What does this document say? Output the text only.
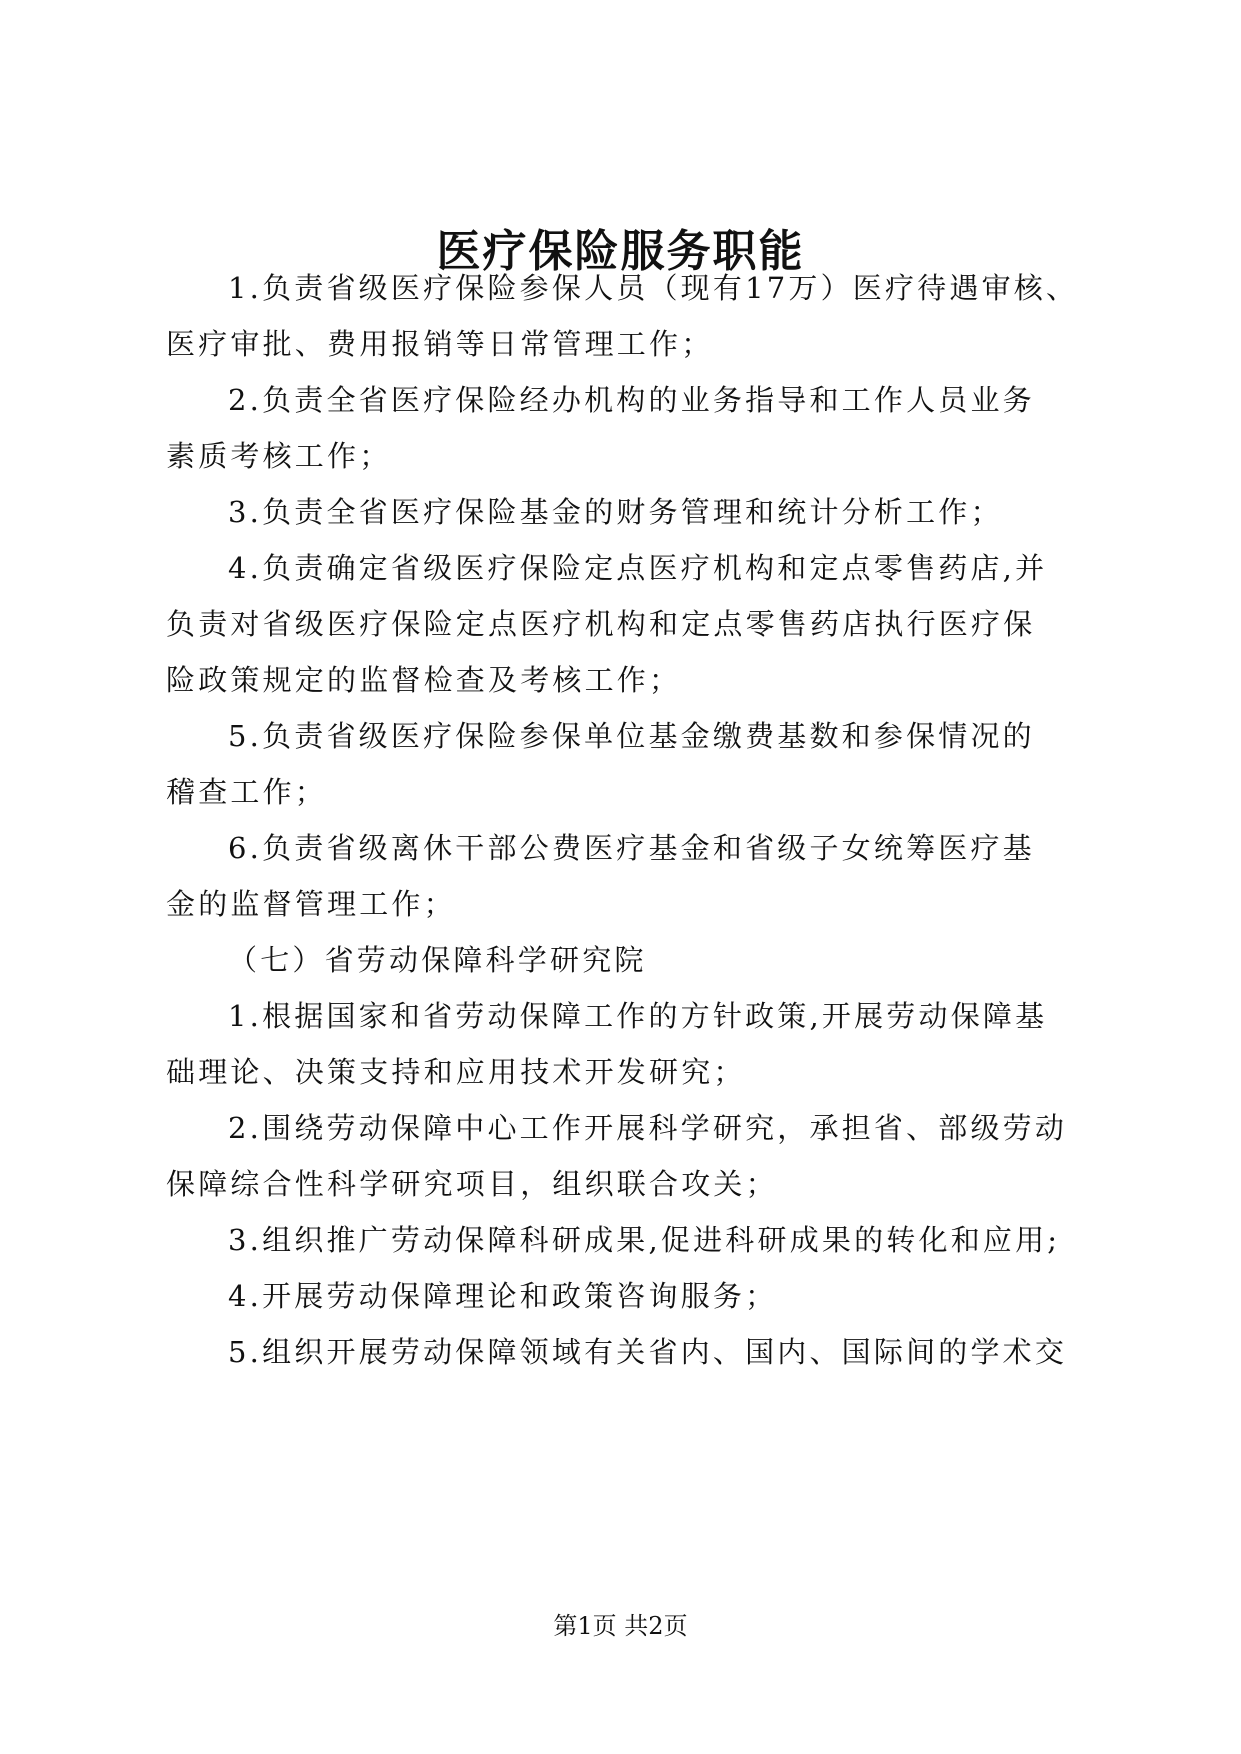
医疗保险服务职能
1.负责省级医疗保险参保人员（现有17万）医疗待遇审核、
医疗审批、费用报销等日常管理工作；
2.负责全省医疗保险经办机构的业务指导和工作人员业务
素质考核工作；
3.负责全省医疗保险基金的财务管理和统计分析工作；
4.负责确定省级医疗保险定点医疗机构和定点零售药店,并
负责对省级医疗保险定点医疗机构和定点零售药店执行医疗保
险政策规定的监督检查及考核工作；
5.负责省级医疗保险参保单位基金缴费基数和参保情况的
稽查工作；
6.负责省级离休干部公费医疗基金和省级子女统筹医疗基
金的监督管理工作；
（七）省劳动保障科学研究院
1.根据国家和省劳动保障工作的方针政策,开展劳动保障基
础理论、决策支持和应用技术开发研究；
2.围绕劳动保障中心工作开展科学研究，承担省、部级劳动
保障综合性科学研究项目，组织联合攻关；
3.组织推广劳动保障科研成果,促进科研成果的转化和应用;
4.开展劳动保障理论和政策咨询服务；
5.组织开展劳动保障领域有关省内、国内、国际间的学术交
第1页 共2页
